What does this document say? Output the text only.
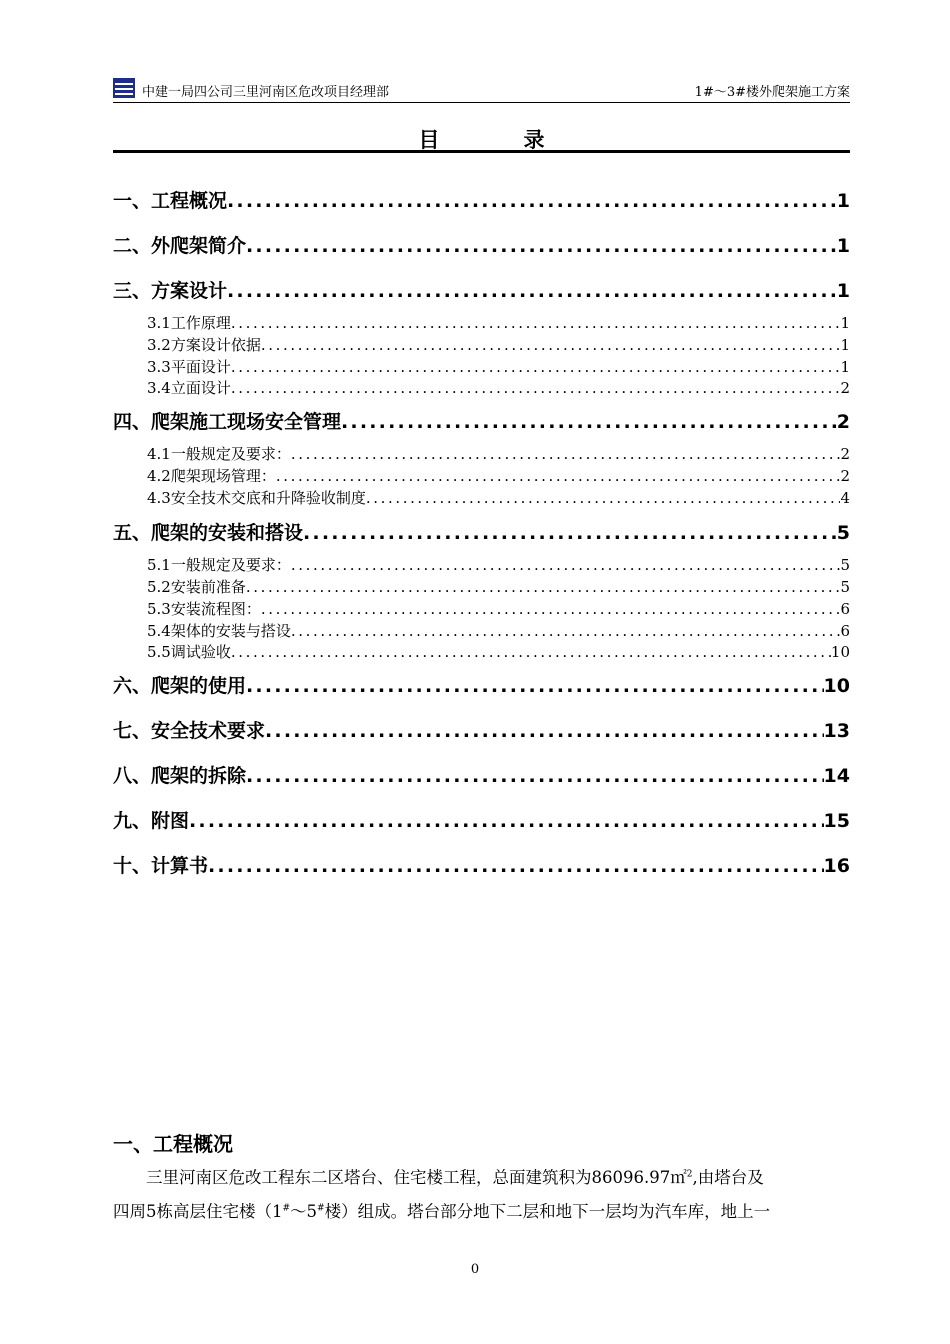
中建一局四公司三里河南区危改项目经理部	1#～3#楼外爬架施工方案
目	录
一、工程概况 .....	1
二、外爬架简介 .....	1
三、方案设计 .....	1
3.1工作原理 .....	1
3.2方案设计依据 .....	1
3.3平面设计 .....	1
3.4立面设计 .....	2
四、爬架施工现场安全管理 .....	2
4.1一般规定及要求： .....	2
4.2爬架现场管理： .....	2
4.3安全技术交底和升降验收制度 .....	4
五、爬架的安装和搭设 .....	5
5.1一般规定及要求： .....	5
5.2安装前准备 .....	5
5.3安装流程图： .....	6
5.4架体的安装与搭设 .....	6
5.5调试验收 .....	10
六、爬架的使用 .....	10
七、安全技术要求 .....	13
八、爬架的拆除 .....	14
九、附图 .....	15
十、计算书 .....	16
一、工程概况
三里河南区危改工程东二区塔台、住宅楼工程，总面建筑积为86096.97㎡$^2$,由塔台及
四周5栋高层住宅楼（1#～5#楼）组成。塔台部分地下二层和地下一层均为汽车库，地上一
0
